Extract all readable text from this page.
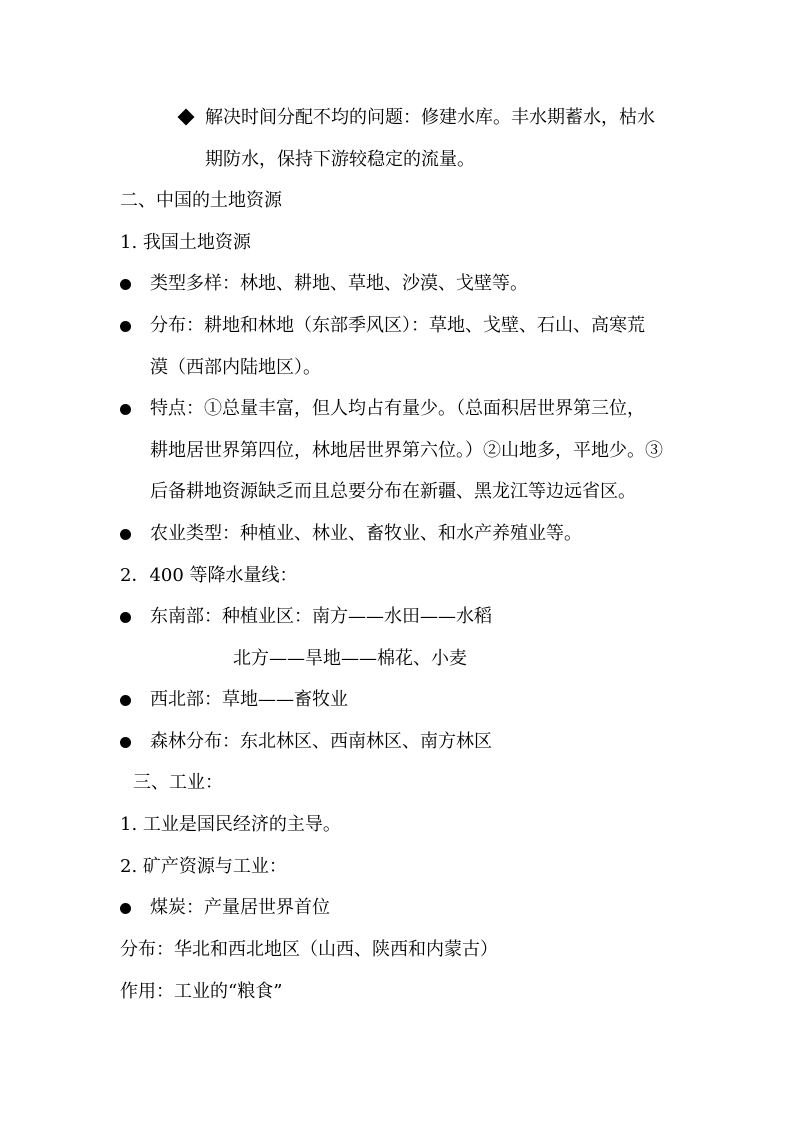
解决时间分配不均的问题：修建水库。丰水期蓄水，枯水
期防水，保持下游较稳定的流量。
二、中国的土地资源
1. 我国土地资源
类型多样：林地、耕地、草地、沙漠、戈壁等。
分布：耕地和林地（东部季风区）：草地、戈壁、石山、高寒荒
漠（西部内陆地区）。
特点：①总量丰富，但人均占有量少。（总面积居世界第三位，
耕地居世界第四位，林地居世界第六位。）②山地多，平地少。③
后备耕地资源缺乏而且总要分布在新疆、黑龙江等边远省区。
农业类型：种植业、林业、畜牧业、和水产养殖业等。
2．400 等降水量线：
东南部：种植业区：南方——水田——水稻
北方——旱地——棉花、小麦
西北部：草地——畜牧业
森林分布：东北林区、西南林区、南方林区
三、工业：
1. 工业是国民经济的主导。
2. 矿产资源与工业：
煤炭：产量居世界首位
分布：华北和西北地区（山西、陕西和内蒙古）
作用：工业的“粮食”
